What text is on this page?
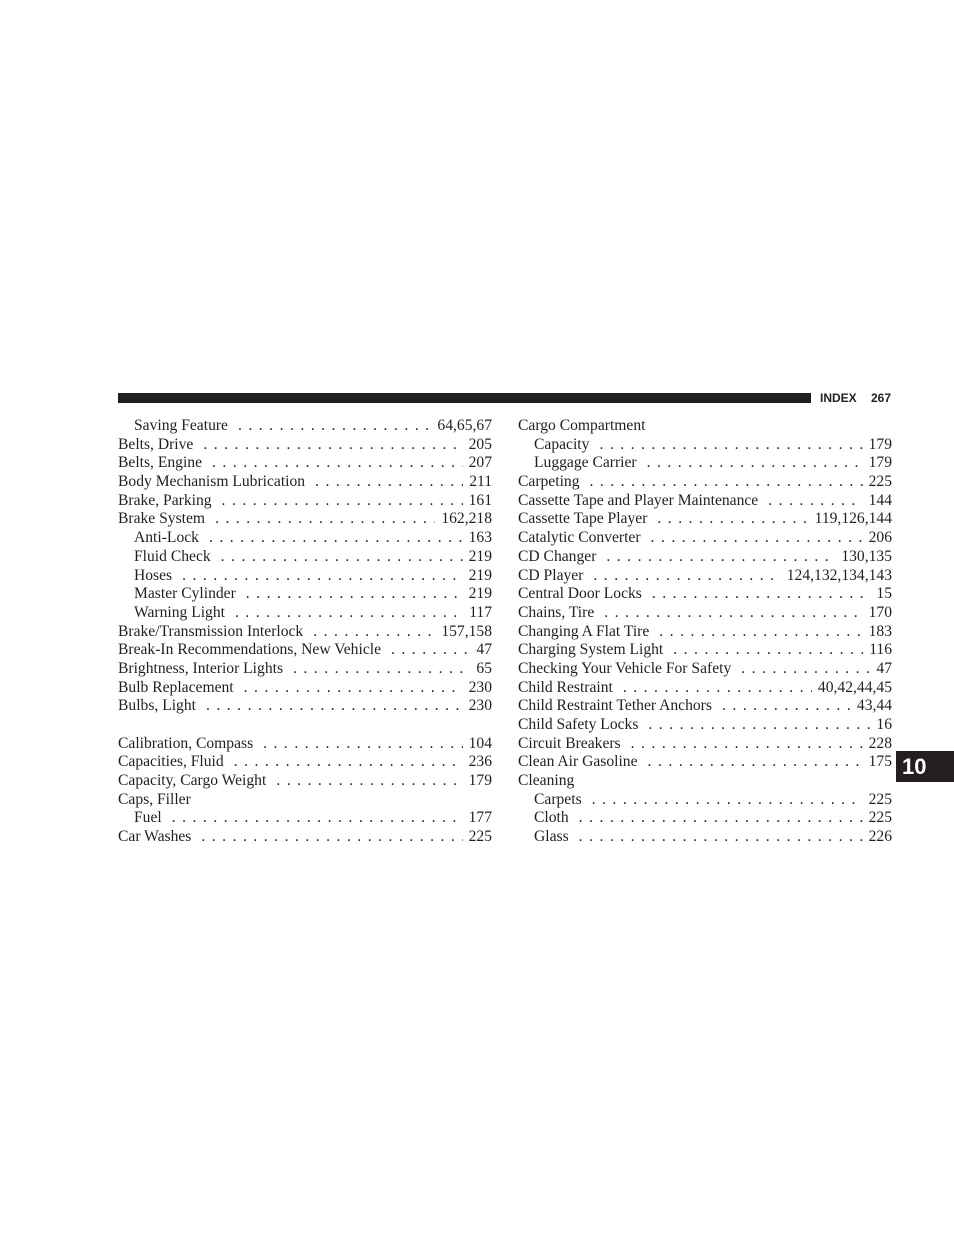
INDEX 267
Saving Feature . . .	64,65,67
Belts, Drive . . .	205
Belts, Engine . . .	207
Body Mechanism Lubrication . . .	211
Brake, Parking . . .	161
Brake System . . .	162,218
Anti-Lock . . .	163
Fluid Check . . .	219
Hoses . . .	219
Master Cylinder . . .	219
Warning Light . . .	117
Brake/Transmission Interlock . . .	157,158
Break-In Recommendations, New Vehicle . . .	47
Brightness, Interior Lights . . .	65
Bulb Replacement . . .	230
Bulbs, Light . . .	230
Calibration, Compass . . .	104
Capacities, Fluid . . .	236
Capacity, Cargo Weight . . .	179
Caps, Filler
Fuel . . .	177
Car Washes . . .	225
Cargo Compartment
Capacity . . .	179
Luggage Carrier . . .	179
Carpeting . . .	225
Cassette Tape and Player Maintenance . . .	144
Cassette Tape Player . . .	119,126,144
Catalytic Converter . . .	206
CD Changer . . .	130,135
CD Player . . .	124,132,134,143
Central Door Locks . . .	15
Chains, Tire . . .	170
Changing A Flat Tire . . .	183
Charging System Light . . .	116
Checking Your Vehicle For Safety . . .	47
Child Restraint . . .	40,42,44,45
Child Restraint Tether Anchors . . .	43,44
Child Safety Locks . . .	16
Circuit Breakers . . .	228
Clean Air Gasoline . . .	175
Cleaning
Carpets . . .	225
Cloth . . .	225
Glass . . .	226
10
